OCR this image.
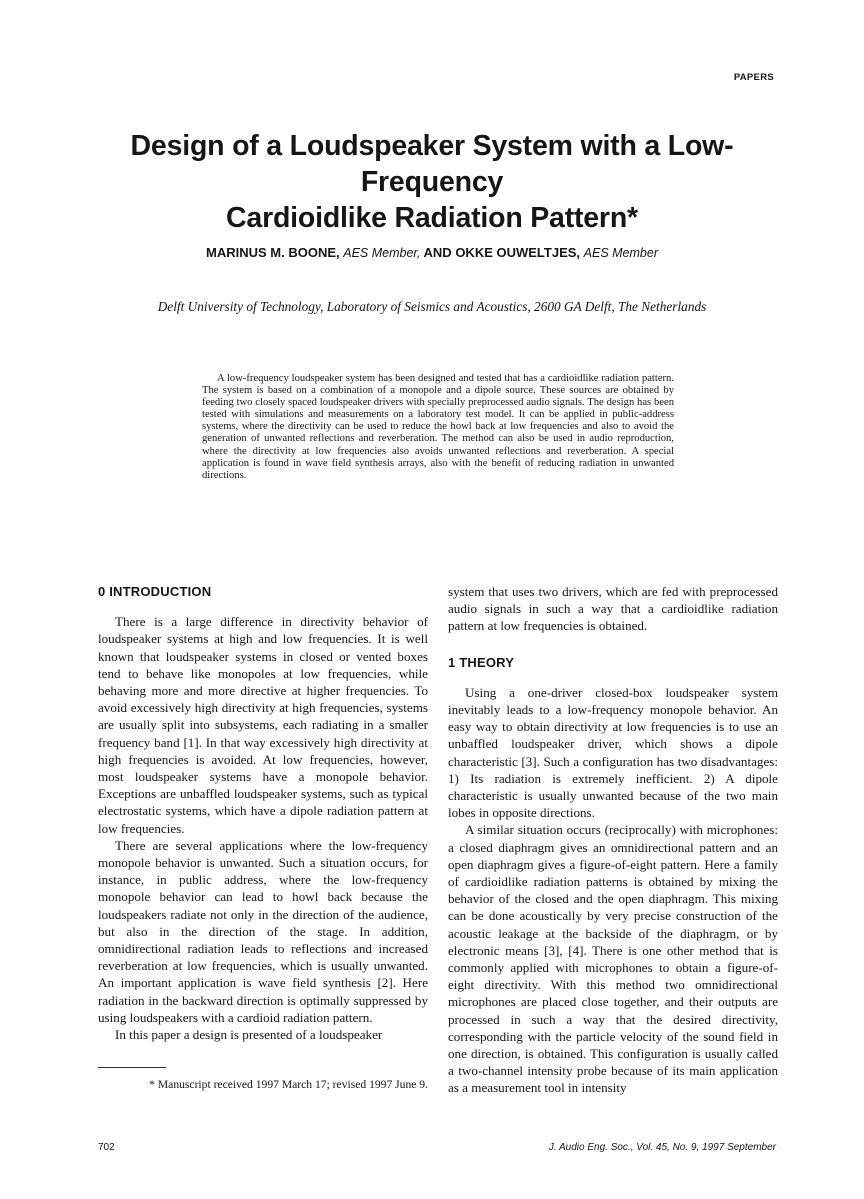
PAPERS
Design of a Loudspeaker System with a Low-Frequency
Cardioidlike Radiation Pattern*
MARINUS M. BOONE, AES Member, AND OKKE OUWELTJES, AES Member
Delft University of Technology, Laboratory of Seismics and Acoustics, 2600 GA Delft, The Netherlands
A low-frequency loudspeaker system has been designed and tested that has a cardioidlike radiation pattern. The system is based on a combination of a monopole and a dipole source. These sources are obtained by feeding two closely spaced loudspeaker drivers with specially preprocessed audio signals. The design has been tested with simulations and measurements on a laboratory test model. It can be applied in public-address systems, where the directivity can be used to reduce the howl back at low frequencies and also to avoid the generation of unwanted reflections and reverberation. The method can also be used in audio reproduction, where the directivity at low frequencies also avoids unwanted reflections and reverberation. A special application is found in wave field synthesis arrays, also with the benefit of reducing radiation in unwanted directions.
0 INTRODUCTION

There is a large difference in directivity behavior of loudspeaker systems at high and low frequencies. It is well known that loudspeaker systems in closed or vented boxes tend to behave like monopoles at low frequencies, while behaving more and more directive at higher frequencies. To avoid excessively high directivity at high frequencies, systems are usually split into subsystems, each radiating in a smaller frequency band [1]. In that way excessively high directivity at high frequencies is avoided. At low frequencies, however, most loudspeaker systems have a monopole behavior. Exceptions are unbaffled loudspeaker systems, such as typical electrostatic systems, which have a dipole radiation pattern at low frequencies.

There are several applications where the low-frequency monopole behavior is unwanted. Such a situation occurs, for instance, in public address, where the low-frequency monopole behavior can lead to howl back because the loudspeakers radiate not only in the direction of the audience, but also in the direction of the stage. In addition, omnidirectional radiation leads to reflections and increased reverberation at low frequencies, which is usually unwanted. An important application is wave field synthesis [2]. Here radiation in the backward direction is optimally suppressed by using loudspeakers with a cardioid radiation pattern.

In this paper a design is presented of a loudspeaker

system that uses two drivers, which are fed with preprocessed audio signals in such a way that a cardioidlike radiation pattern at low frequencies is obtained.

1 THEORY

Using a one-driver closed-box loudspeaker system inevitably leads to a low-frequency monopole behavior. An easy way to obtain directivity at low frequencies is to use an unbaffled loudspeaker driver, which shows a dipole characteristic [3]. Such a configuration has two disadvantages: 1) Its radiation is extremely inefficient. 2) A dipole characteristic is usually unwanted because of the two main lobes in opposite directions.

A similar situation occurs (reciprocally) with microphones: a closed diaphragm gives an omnidirectional pattern and an open diaphragm gives a figure-of-eight pattern. Here a family of cardioidlike radiation patterns is obtained by mixing the behavior of the closed and the open diaphragm. This mixing can be done acoustically by very precise construction of the acoustic leakage at the backside of the diaphragm, or by electronic means [3], [4]. There is one other method that is commonly applied with microphones to obtain a figure-of-eight directivity. With this method two omnidirectional microphones are placed close together, and their outputs are processed in such a way that the desired directivity, corresponding with the particle velocity of the sound field in one direction, is obtained. This configuration is usually called a two-channel intensity probe because of its main application as a measurement tool in intensity

* Manuscript received 1997 March 17; revised 1997 June 9.
702	J. Audio Eng. Soc., Vol. 45, No. 9, 1997 September
